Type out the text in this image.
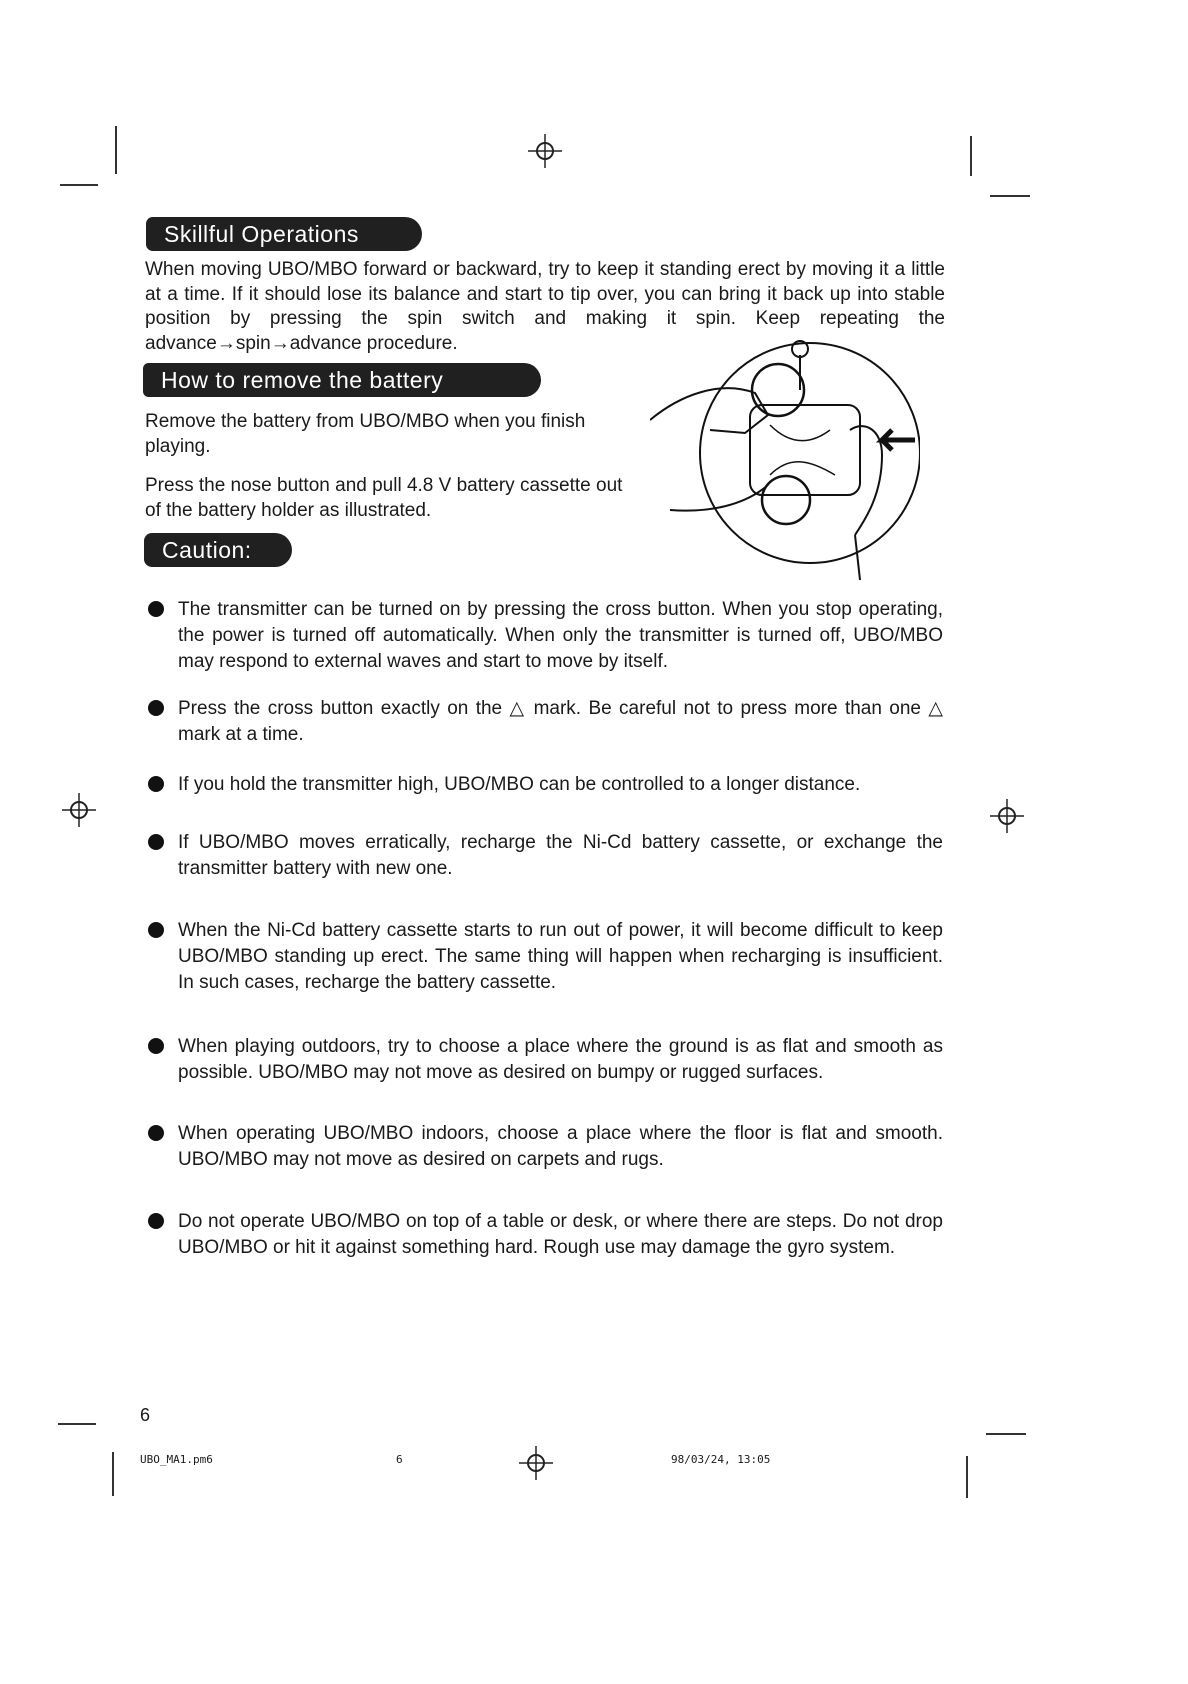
Skillful Operations

When moving UBO/MBO forward or backward, try to keep it standing erect by moving it a little at a time. If it should lose its balance and start to tip over, you can bring it back up into stable position by pressing the spin switch and making it spin. Keep repeating the advance→spin→advance procedure.

How to remove the battery

Remove the battery from UBO/MBO when you finish playing.

Press the nose button and pull 4.8 V battery cassette out of the battery holder as illustrated.

Caution:
The transmitter can be turned on by pressing the cross button. When you stop operating, the power is turned off automatically. When only the transmitter is turned off, UBO/MBO may respond to external waves and start to move by itself.
Press the cross button exactly on the △ mark. Be careful not to press more than one △ mark at a time.
If you hold the transmitter high, UBO/MBO can be controlled to a longer distance.
If UBO/MBO moves erratically, recharge the Ni-Cd battery cassette, or exchange the transmitter battery with new one.
When the Ni-Cd battery cassette starts to run out of power, it will become difficult to keep UBO/MBO standing up erect. The same thing will happen when recharging is insufficient. In such cases, recharge the battery cassette.
When playing outdoors, try to choose a place where the ground is as flat and smooth as possible. UBO/MBO may not move as desired on bumpy or rugged surfaces.
When operating UBO/MBO indoors, choose a place where the floor is flat and smooth. UBO/MBO may not move as desired on carpets and rugs.
Do not operate UBO/MBO on top of a table or desk, or where there are steps. Do not drop UBO/MBO or hit it against something hard. Rough use may damage the gyro system.
6
UBO_MA1.pm6	6	98/03/24, 13:05
